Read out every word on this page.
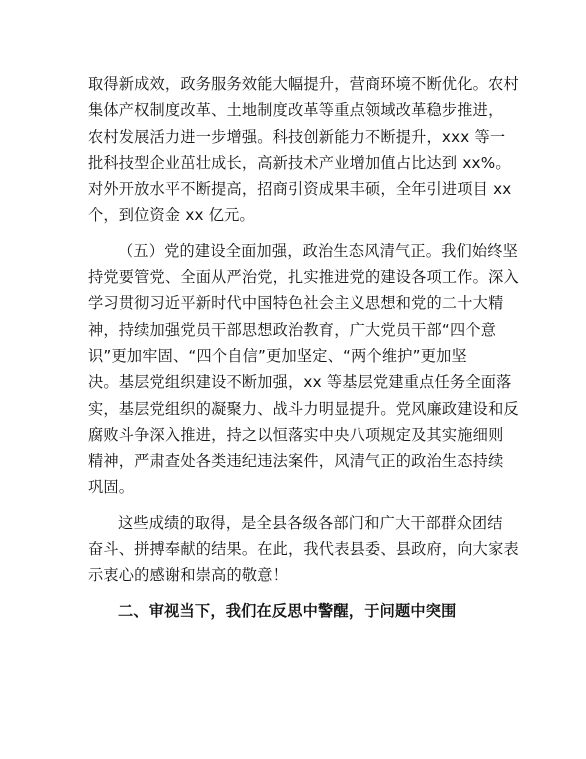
取得新成效，政务服务效能大幅提升，营商环境不断优化。农村
集体产权制度改革、土地制度改革等重点领域改革稳步推进，
农村发展活力进一步增强。科技创新能力不断提升，xxx 等一
批科技型企业茁壮成长，高新技术产业增加值占比达到 xx%。
对外开放水平不断提高，招商引资成果丰硕，全年引进项目 xx
个，到位资金 xx 亿元。
（五）党的建设全面加强，政治生态风清气正。我们始终坚
持党要管党、全面从严治党，扎实推进党的建设各项工作。深入
学习贯彻习近平新时代中国特色社会主义思想和党的二十大精
神，持续加强党员干部思想政治教育，广大党员干部“四个意
识”更加牢固、“四个自信”更加坚定、“两个维护”更加坚
决。基层党组织建设不断加强，xx 等基层党建重点任务全面落
实，基层党组织的凝聚力、战斗力明显提升。党风廉政建设和反
腐败斗争深入推进，持之以恒落实中央八项规定及其实施细则
精神，严肃查处各类违纪违法案件，风清气正的政治生态持续
巩固。
这些成绩的取得，是全县各级各部门和广大干部群众团结
奋斗、拼搏奉献的结果。在此，我代表县委、县政府，向大家表
示衷心的感谢和崇高的敬意！
二、审视当下，我们在反思中警醒，于问题中突围
